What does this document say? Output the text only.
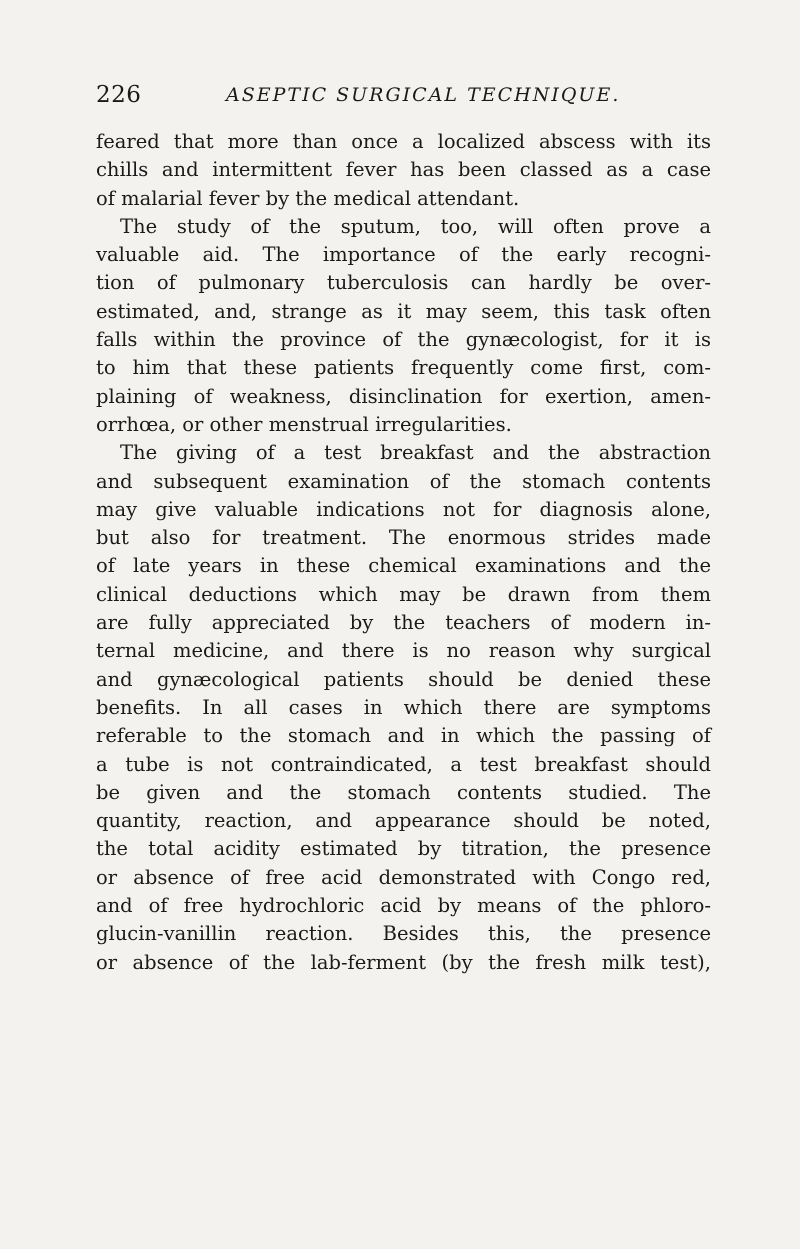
226	ASEPTIC SURGICAL TECHNIQUE.
feared that more than once a localized abscess with its
chills and intermittent fever has been classed as a case
of malarial fever by the medical attendant.
The study of the sputum, too, will often prove a
valuable aid. The importance of the early recogni-
tion of pulmonary tuberculosis can hardly be over-
estimated, and, strange as it may seem, this task often
falls within the province of the gynæcologist, for it is
to him that these patients frequently come first, com-
plaining of weakness, disinclination for exertion, amen-
orrhœa, or other menstrual irregularities.
The giving of a test breakfast and the abstraction
and subsequent examination of the stomach contents
may give valuable indications not for diagnosis alone,
but also for treatment. The enormous strides made
of late years in these chemical examinations and the
clinical deductions which may be drawn from them
are fully appreciated by the teachers of modern in-
ternal medicine, and there is no reason why surgical
and gynæcological patients should be denied these
benefits. In all cases in which there are symptoms
referable to the stomach and in which the passing of
a tube is not contraindicated, a test breakfast should
be given and the stomach contents studied. The
quantity, reaction, and appearance should be noted,
the total acidity estimated by titration, the presence
or absence of free acid demonstrated with Congo red,
and of free hydrochloric acid by means of the phloro-
glucin-vanillin reaction. Besides this, the presence
or absence of the lab-ferment (by the fresh milk test),
